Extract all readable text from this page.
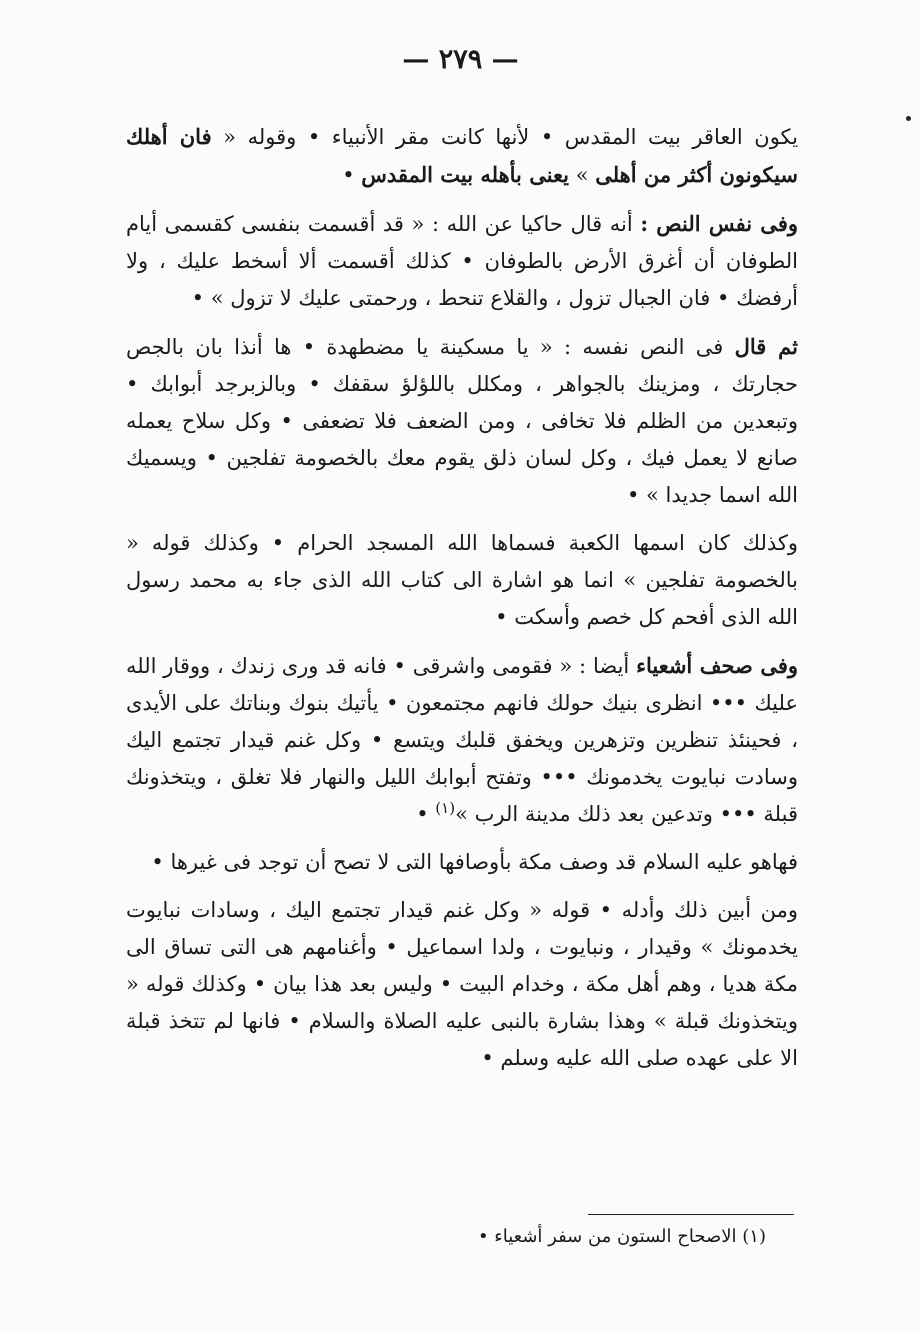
— ٢٧٩ —

يكون العاقر بيت المقدس • لأنها كانت مقر الأنبياء • وقوله « فان أهلك سيكونون أكثر من أهلى » يعنى بأهله بيت المقدس •

وفى نفس النص : أنه قال حاكيا عن الله : « قد أقسمت بنفسى كقسمى أيام الطوفان أن أغرق الأرض بالطوفان • كذلك أقسمت ألا أسخط عليك ، ولا أرفضك • فان الجبال تزول ، والقلاع تنحط ، ورحمتى عليك لا تزول » •

ثم قال فى النص نفسه : « يا مسكينة يا مضطهدة • ها أنذا بان بالجص حجارتك ، ومزينك بالجواهر ، ومكلل باللؤلؤ سقفك • وبالزبرجد أبوابك • وتبعدين من الظلم فلا تخافى ، ومن الضعف فلا تضعفى • وكل سلاح يعمله صانع لا يعمل فيك ، وكل لسان ذلق يقوم معك بالخصومة تفلجين • ويسميك الله اسما جديدا » •

وكذلك كان اسمها الكعبة فسماها الله المسجد الحرام • وكذلك قوله « بالخصومة تفلجين » انما هو اشارة الى كتاب الله الذى جاء به محمد رسول الله الذى أفحم كل خصم وأسكت •

وفى صحف أشعياء أيضا : « فقومى واشرقى • فانه قد ورى زندك ، ووقار الله عليك ••• انظرى بنيك حولك فانهم مجتمعون • يأتيك بنوك وبناتك على الأيدى ، فحينئذ تنظرين وتزهرين ويخفق قلبك ويتسع • وكل غنم قيدار تجتمع اليك وسادت نبايوت يخدمونك ••• وتفتح أبوابك الليل والنهار فلا تغلق ، ويتخذونك قبلة ••• وتدعين بعد ذلك مدينة الرب »$^{(١)}$ •

فهاهو عليه السلام قد وصف مكة بأوصافها التى لا تصح أن توجد فى غيرها •

ومن أبين ذلك وأدله • قوله « وكل غنم قيدار تجتمع اليك ، وسادات نبايوت يخدمونك » وقيدار ، ونبايوت ، ولدا اسماعيل • وأغنامهم هى التى تساق الى مكة هديا ، وهم أهل مكة ، وخدام البيت • وليس بعد هذا بيان • وكذلك قوله « ويتخذونك قبلة » وهذا بشارة بالنبى عليه الصلاة والسلام • فانها لم تتخذ قبلة الا على عهده صلى الله عليه وسلم •

(١) الاصحاح الستون من سفر أشعياء •
